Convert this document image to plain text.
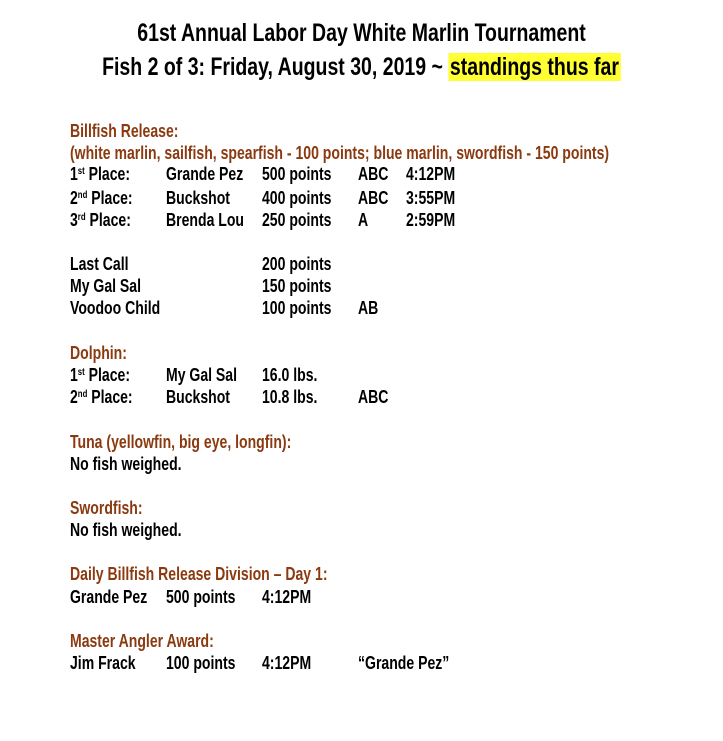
61st Annual Labor Day White Marlin Tournament
Fish 2 of 3: Friday, August 30, 2019 ~ standings thus far
Billfish Release:
(white marlin, sailfish, spearfish - 100 points; blue marlin, swordfish - 150 points)
1st Place:	Grande Pez	500 points	ABC 4:12PM
2nd Place:	Buckshot	400 points	ABC 3:55PM
3rd Place:	Brenda Lou 250 points	A 2:59PM
Last Call	200 points
My Gal Sal	150 points
Voodoo Child	100 points	AB
Dolphin:
1st Place:	My Gal Sal	16.0 lbs.
2nd Place:	Buckshot	10.8 lbs.	ABC
Tuna (yellowfin, big eye, longfin):
No fish weighed.
Swordfish:
No fish weighed.
Daily Billfish Release Division – Day 1:
Grande Pez	500 points	4:12PM
Master Angler Award:
Jim Frack	100 points	4:12PM	“Grande Pez”
